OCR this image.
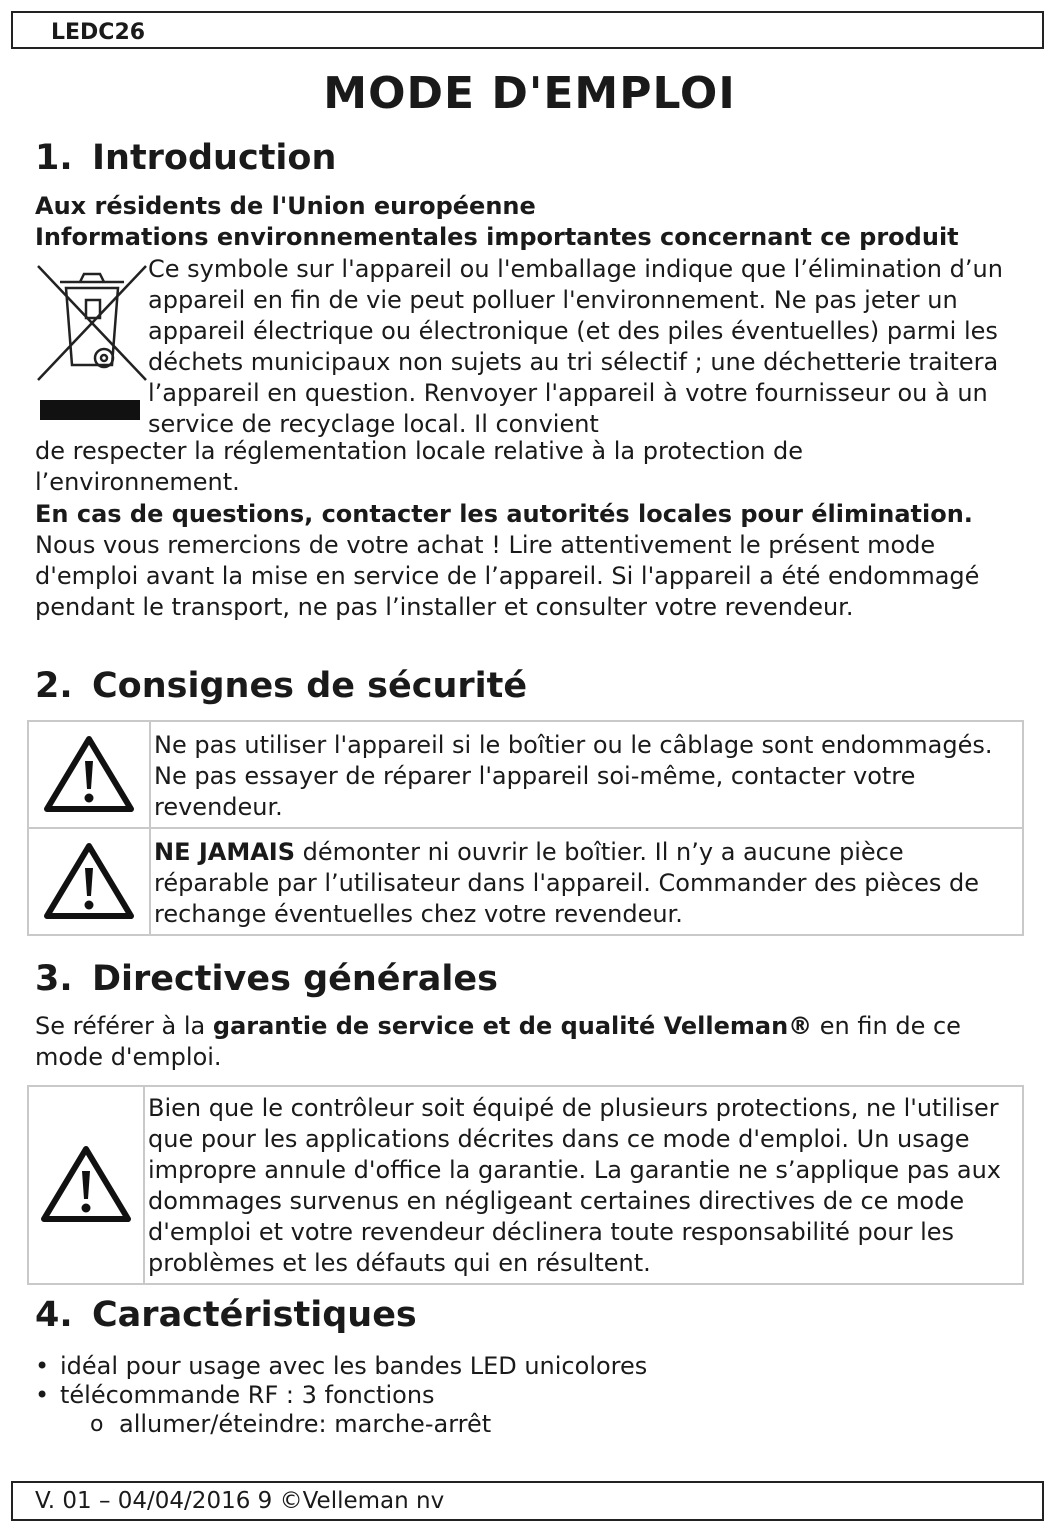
LEDC26
MODE D'EMPLOI
1. Introduction

Aux résidents de l'Union européenne

Informations environnementales importantes concernant ce produit

Ce symbole sur l'appareil ou l'emballage indique que l’élimination d’un appareil en fin de vie peut polluer l'environnement. Ne pas jeter un appareil électrique ou électronique (et des piles éventuelles) parmi les déchets municipaux non sujets au tri sélectif ; une déchetterie traitera l’appareil en question. Renvoyer l'appareil à votre fournisseur ou à un service de recyclage local. Il convient

de respecter la réglementation locale relative à la protection de

l’environnement.

En cas de questions, contacter les autorités locales pour élimination.

Nous vous remercions de votre achat ! Lire attentivement le présent mode d'emploi avant la mise en service de l’appareil. Si l'appareil a été endommagé pendant le transport, ne pas l’installer et consulter votre revendeur.

2. Consignes de sécurité
	Ne pas utiliser l'appareil si le boîtier ou le câblage sont endommagés. Ne pas essayer de réparer l'appareil soi-même, contacter votre revendeur.
	NE JAMAIS démonter ni ouvrir le boîtier. Il n’y a aucune pièce réparable par l’utilisateur dans l'appareil. Commander des pièces de rechange éventuelles chez votre revendeur.
3. Directives générales

Se référer à la garantie de service et de qualité Velleman® en fin de ce mode d'emploi.

	Bien que le contrôleur soit équipé de plusieurs protections, ne l'utiliser que pour les applications décrites dans ce mode d'emploi. Un usage impropre annule d'office la garantie. La garantie ne s’applique pas aux dommages survenus en négligeant certaines directives de ce mode d'emploi et votre revendeur déclinera toute responsabilité pour les problèmes et les défauts qui en résultent.
4. Caractéristiques
• idéal pour usage avec les bandes LED unicolores
• télécommande RF : 3 fonctions
o allumer/éteindre: marche-arrêt
V. 01 – 04/04/2016 9 ©Velleman nv
